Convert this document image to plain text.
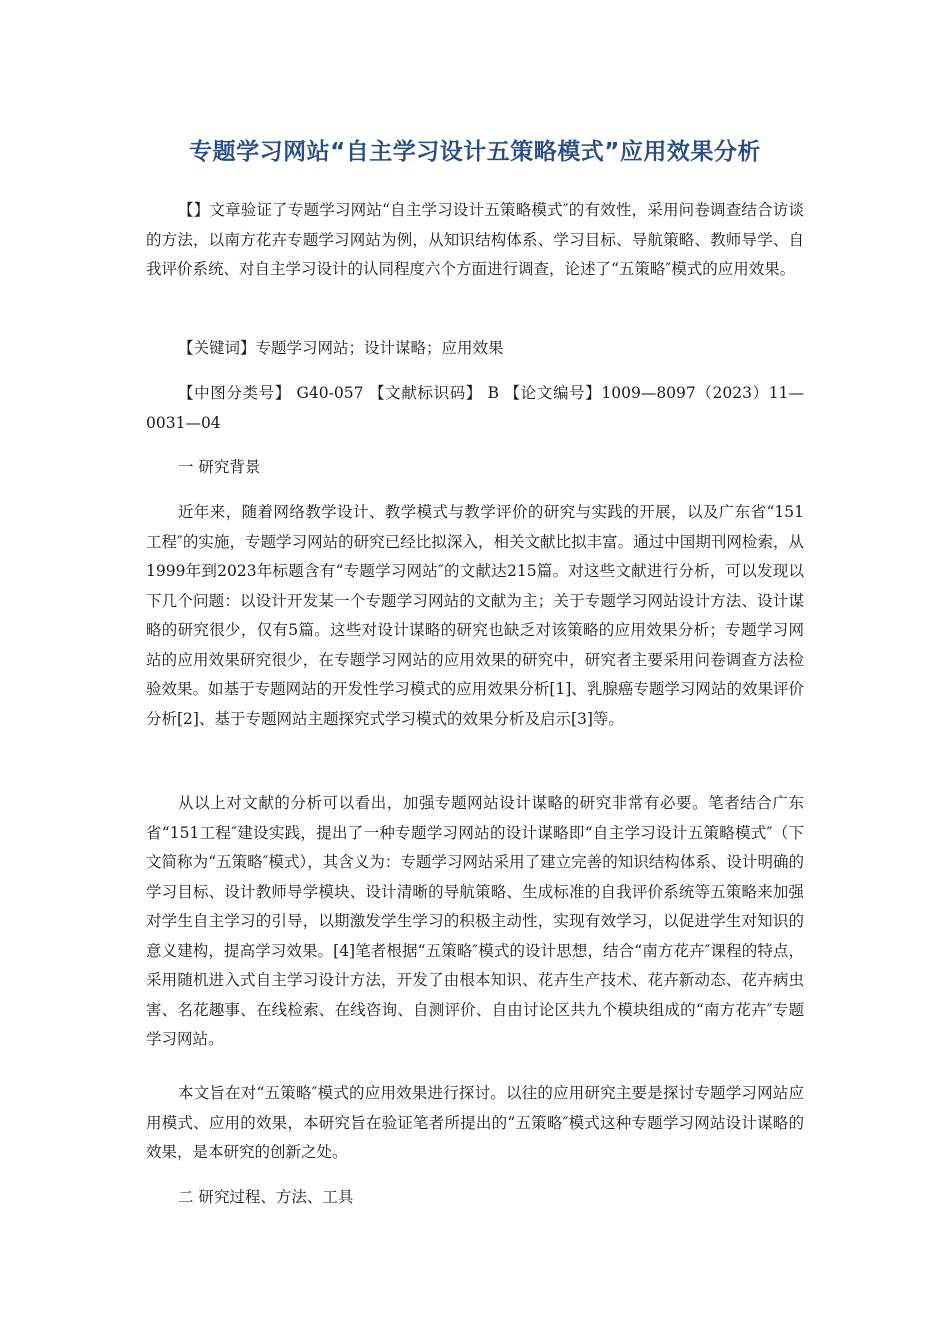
专题学习网站“自主学习设计五策略模式”应用效果分析

【】文章验证了专题学习网站“自主学习设计五策略模式″的有效性，采用问卷调查结合访谈的方法，以南方花卉专题学习网站为例，从知识结构体系、学习目标、导航策略、教师导学、自我评价系统、对自主学习设计的认同程度六个方面进行调查，论述了“五策略″模式的应用效果。

【关键词】专题学习网站；设计谋略；应用效果

【中图分类号】 G40-057 【文献标识码】 B 【论文编号】1009—8097（2023）11—0031—04

一 研究背景

近年来，随着网络教学设计、教学模式与教学评价的研究与实践的开展，以及广东省“151工程″的实施，专题学习网站的研究已经比拟深入，相关文献比拟丰富。通过中国期刊网检索，从1999年到2023年标题含有“专题学习网站″的文献达215篇。对这些文献进行分析，可以发现以下几个问题：以设计开发某一个专题学习网站的文献为主；关于专题学习网站设计方法、设计谋略的研究很少，仅有5篇。这些对设计谋略的研究也缺乏对该策略的应用效果分析；专题学习网站的应用效果研究很少，在专题学习网站的应用效果的研究中，研究者主要采用问卷调查方法检验效果。如基于专题网站的开发性学习模式的应用效果分析[1]、乳腺癌专题学习网站的效果评价分析[2]、基于专题网站主题探究式学习模式的效果分析及启示[3]等。

从以上对文献的分析可以看出，加强专题网站设计谋略的研究非常有必要。笔者结合广东省“151工程″建设实践，提出了一种专题学习网站的设计谋略即“自主学习设计五策略模式″（下文简称为“五策略″模式），其含义为：专题学习网站采用了建立完善的知识结构体系、设计明确的学习目标、设计教师导学模块、设计清晰的导航策略、生成标准的自我评价系统等五策略来加强对学生自主学习的引导，以期激发学生学习的积极主动性，实现有效学习，以促进学生对知识的意义建构，提高学习效果。[4]笔者根据“五策略″模式的设计思想，结合“南方花卉″课程的特点，采用随机进入式自主学习设计方法，开发了由根本知识、花卉生产技术、花卉新动态、花卉病虫害、名花趣事、在线检索、在线咨询、自测评价、自由讨论区共九个模块组成的“南方花卉″专题学习网站。

本文旨在对“五策略″模式的应用效果进行探讨。以往的应用研究主要是探讨专题学习网站应用模式、应用的效果，本研究旨在验证笔者所提出的“五策略″模式这种专题学习网站设计谋略的效果，是本研究的创新之处。

二 研究过程、方法、工具
